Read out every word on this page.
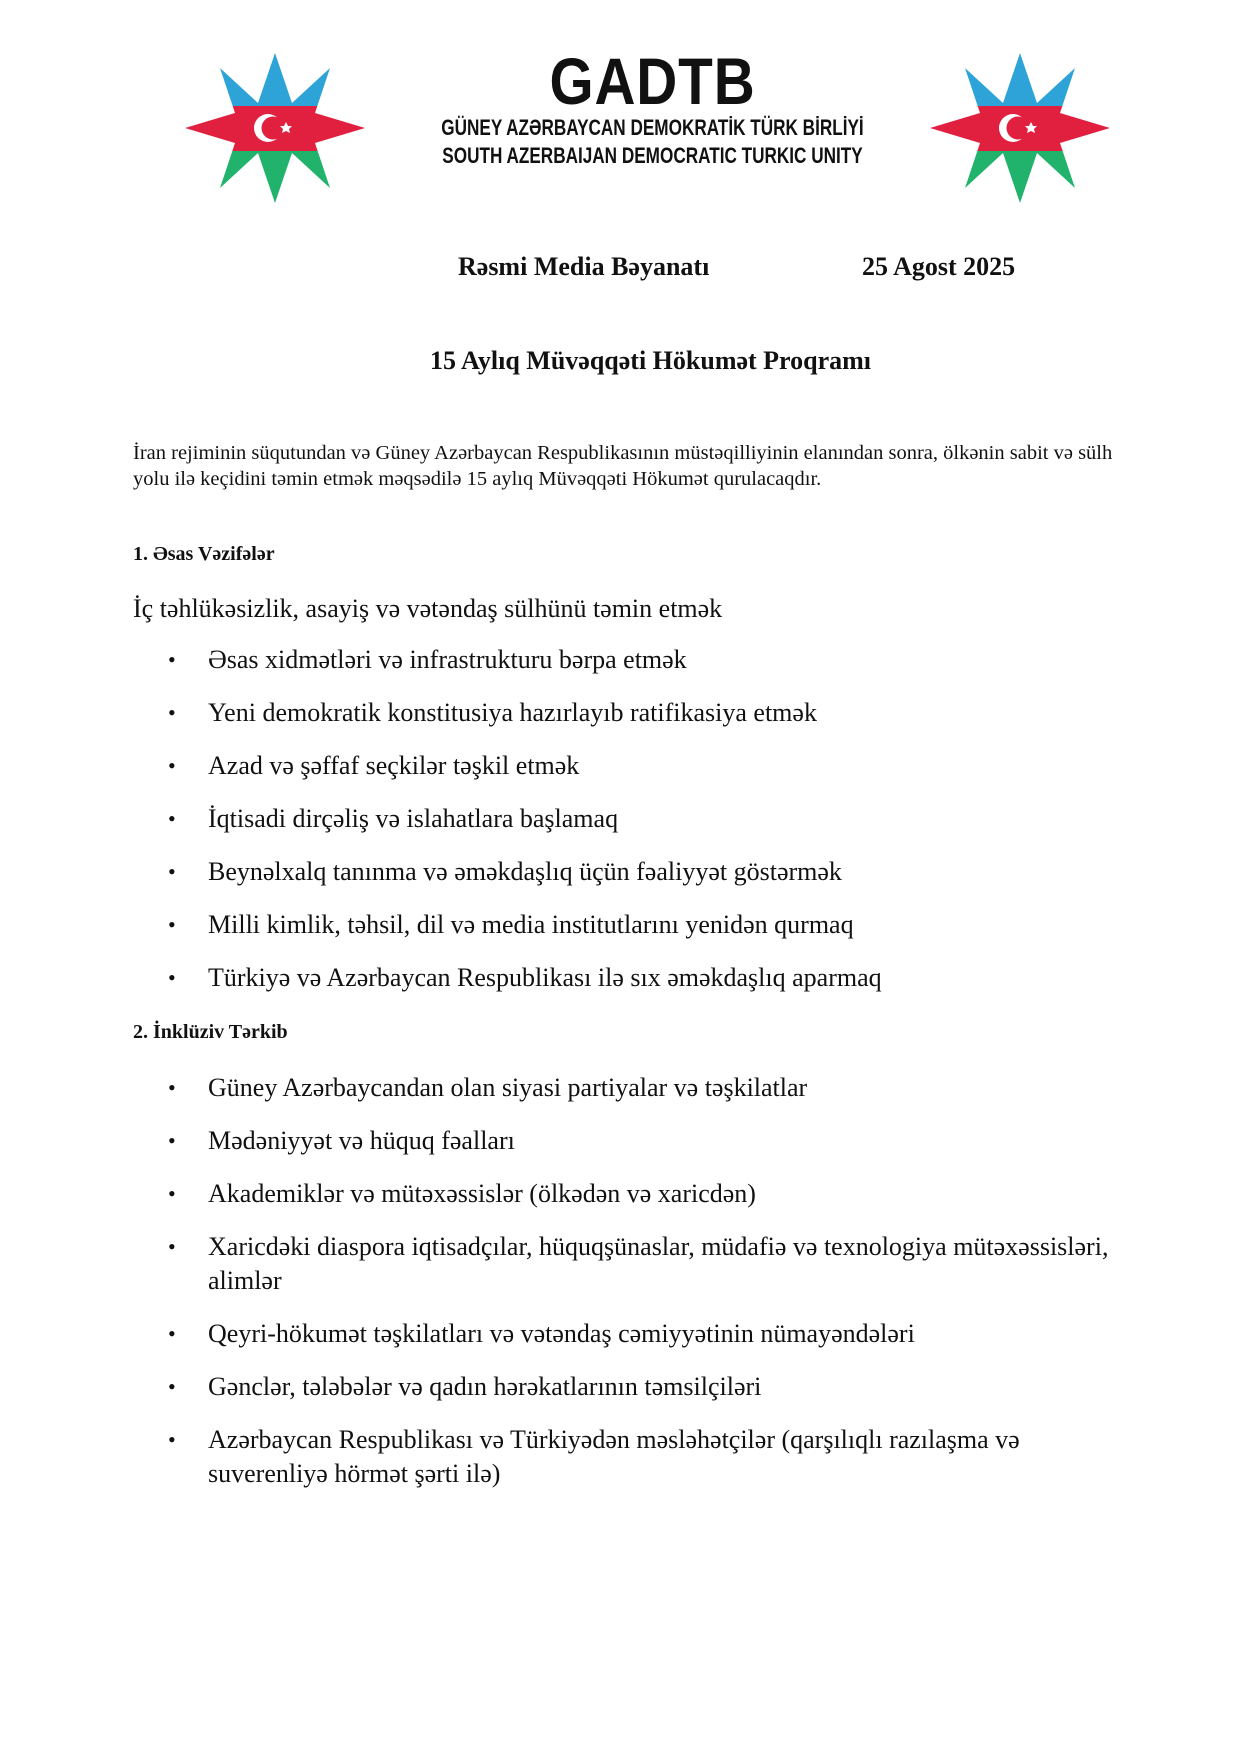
GADTB
GÜNEY AZƏRBAYCAN DEMOKRATİK TÜRK BİRLİYİ
SOUTH AZERBAIJAN DEMOCRATIC TURKIC UNITY
Rəsmi Media Bəyanatı	25 Agost 2025
15 Aylıq Müvəqqəti Hökumət Proqramı
İran rejiminin süqutundan və Güney Azərbaycan Respublikasının müstəqilliyinin elanından sonra, ölkənin sabit və sülh yolu ilə keçidini təmin etmək məqsədilə 15 aylıq Müvəqqəti Hökumət qurulacaqdır.
1. Əsas Vəzifələr
İç təhlükəsizlik, asayiş və vətəndaş sülhünü təmin etmək
• Əsas xidmətləri və infrastrukturu bərpa etmək
• Yeni demokratik konstitusiya hazırlayıb ratifikasiya etmək
• Azad və şəffaf seçkilər təşkil etmək
• İqtisadi dirçəliş və islahatlara başlamaq
• Beynəlxalq tanınma və əməkdaşlıq üçün fəaliyyət göstərmək
• Milli kimlik, təhsil, dil və media institutlarını yenidən qurmaq
• Türkiyə və Azərbaycan Respublikası ilə sıx əməkdaşlıq aparmaq
2. İnklüziv Tərkib
• Güney Azərbaycandan olan siyasi partiyalar və təşkilatlar
• Mədəniyyət və hüquq fəalları
• Akademiklər və mütəxəssislər (ölkədən və xaricdən)
• Xaricdəki diaspora iqtisadçılar, hüquqşünaslar, müdafiə və texnologiya mütəxəssisləri, alimlər
• Qeyri-hökumət təşkilatları və vətəndaş cəmiyyətinin nümayəndələri
• Gənclər, tələbələr və qadın hərəkatlarının təmsilçiləri
• Azərbaycan Respublikası və Türkiyədən məsləhətçilər (qarşılıqlı razılaşma və suverenliyə hörmət şərti ilə)
